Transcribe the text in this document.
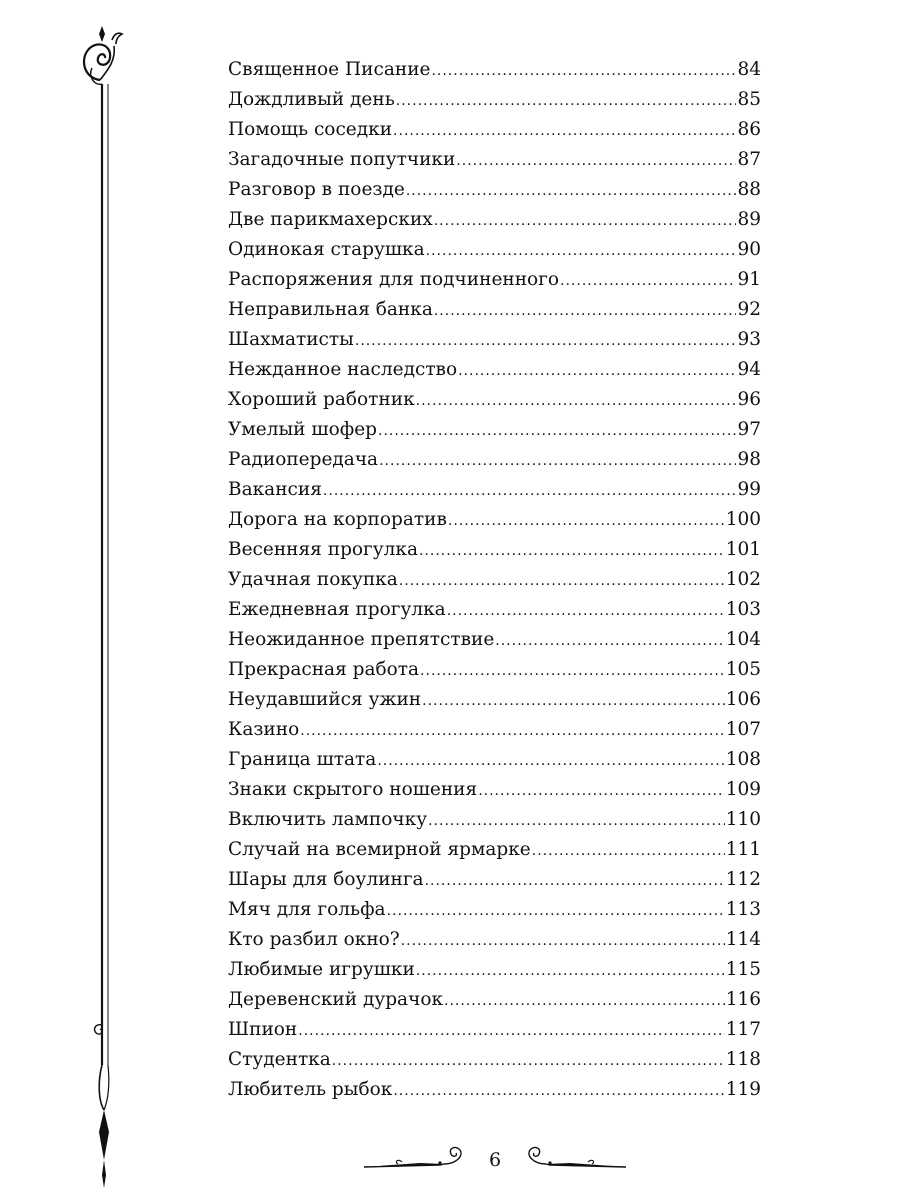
Священное Писание .....	84
Дождливый день .....	85
Помощь соседки .....	86
Загадочные попутчики .....	87
Разговор в поезде .....	88
Две парикмахерских .....	89
Одинокая старушка .....	90
Распоряжения для подчиненного .....	91
Неправильная банка .....	92
Шахматисты .....	93
Нежданное наследство .....	94
Хороший работник .....	96
Умелый шофер .....	97
Радиопередача .....	98
Вакансия .....	99
Дорога на корпоратив .....	100
Весенняя прогулка .....	101
Удачная покупка .....	102
Ежедневная прогулка .....	103
Неожиданное препятствие .....	104
Прекрасная работа .....	105
Неудавшийся ужин .....	106
Казино .....	107
Граница штата .....	108
Знаки скрытого ношения .....	109
Включить лампочку .....	110
Случай на всемирной ярмарке .....	111
Шары для боулинга .....	112
Мяч для гольфа .....	113
Кто разбил окно? .....	114
Любимые игрушки .....	115
Деревенский дурачок .....	116
Шпион .....	117
Студентка .....	118
Любитель рыбок .....	119
6
